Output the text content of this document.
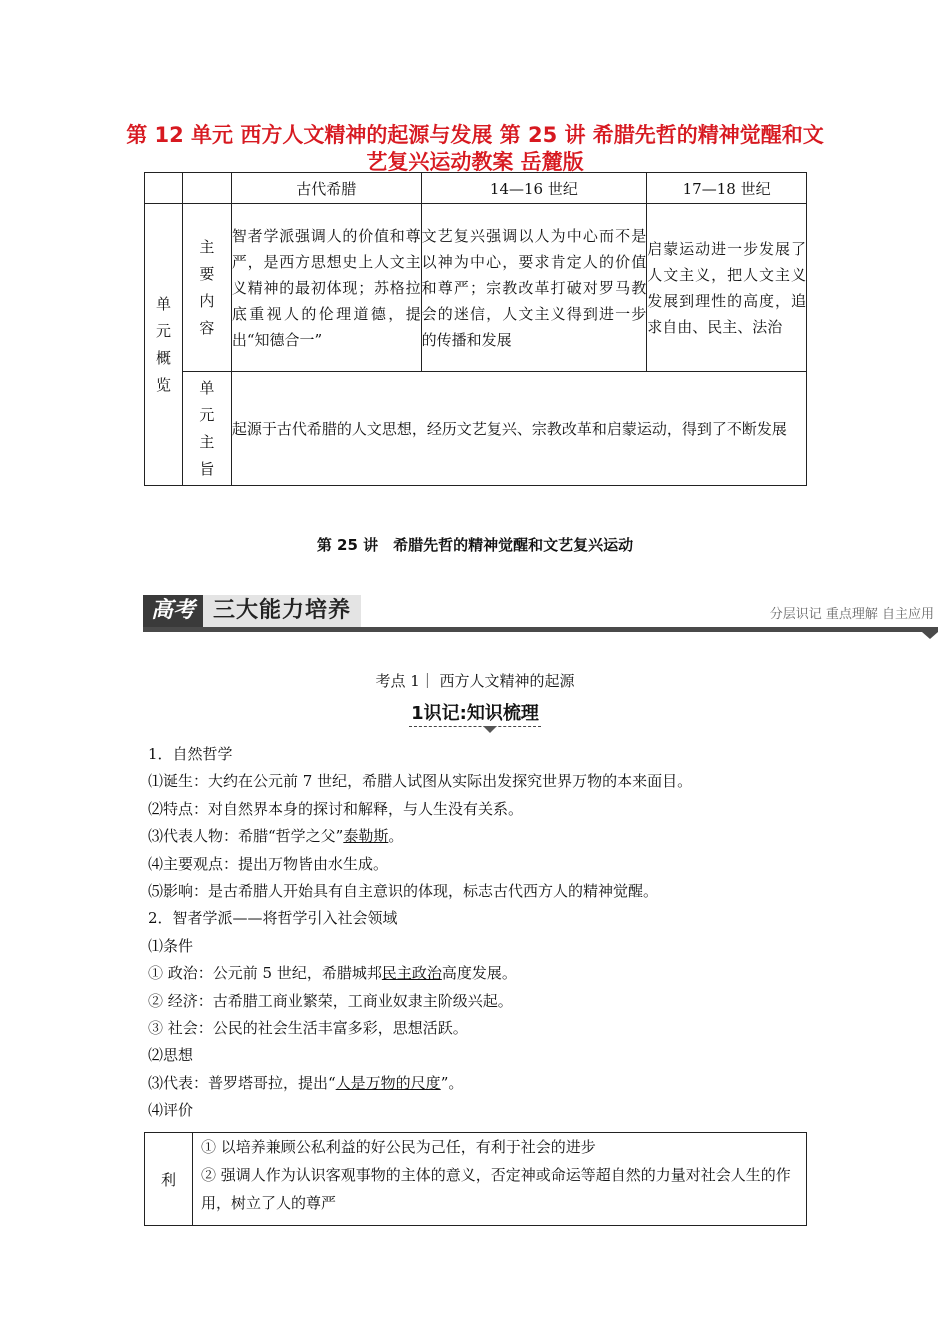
第 12 单元 西方人文精神的起源与发展 第 25 讲 希腊先哲的精神觉醒和文艺复兴运动教案 岳麓版
		古代希腊	14—16 世纪	17—18 世纪

单元概览	主要内容	智者学派强调人的价值和尊严，是西方思想史上人文主义精神的最初体现；苏格拉底重视人的伦理道德，提出“知德合一”	文艺复兴强调以人为中心而不是以神为中心，要求肯定人的价值和尊严；宗教改革打破对罗马教会的迷信，人文主义得到进一步的传播和发展	启蒙运动进一步发展了人文主义，把人文主义发展到理性的高度，追求自由、民主、法治

	单元主旨	起源于古代希腊的人文思想，经历文艺复兴、宗教改革和启蒙运动，得到了不断发展		
第 25 讲　希腊先哲的精神觉醒和文艺复兴运动
高考 三大能力培养	分层识记 重点理解 自主应用
考点 1｜ 西方人文精神的起源
1识记:知识梳理
1．自然哲学
⑴诞生：大约在公元前 7 世纪，希腊人试图从实际出发探究世界万物的本来面目。
⑵特点：对自然界本身的探讨和解释，与人生没有关系。
⑶代表人物：希腊“哲学之父”泰勒斯。
⑷主要观点：提出万物皆由水生成。
⑸影响：是古希腊人开始具有自主意识的体现，标志古代西方人的精神觉醒。
2．智者学派——将哲学引入社会领域
⑴条件
① 政治：公元前 5 世纪，希腊城邦民主政治高度发展。
② 经济：古希腊工商业繁荣，工商业奴隶主阶级兴起。
③ 社会：公民的社会生活丰富多彩，思想活跃。
⑵思想
⑶代表：普罗塔哥拉，提出“人是万物的尺度”。
⑷评价
利	
① 以培养兼顾公私利益的好公民为己任，有利于社会的进步
② 强调人作为认识客观事物的主体的意义，否定神或命运等超自然的力量对社会人生的作用，树立了人的尊严
